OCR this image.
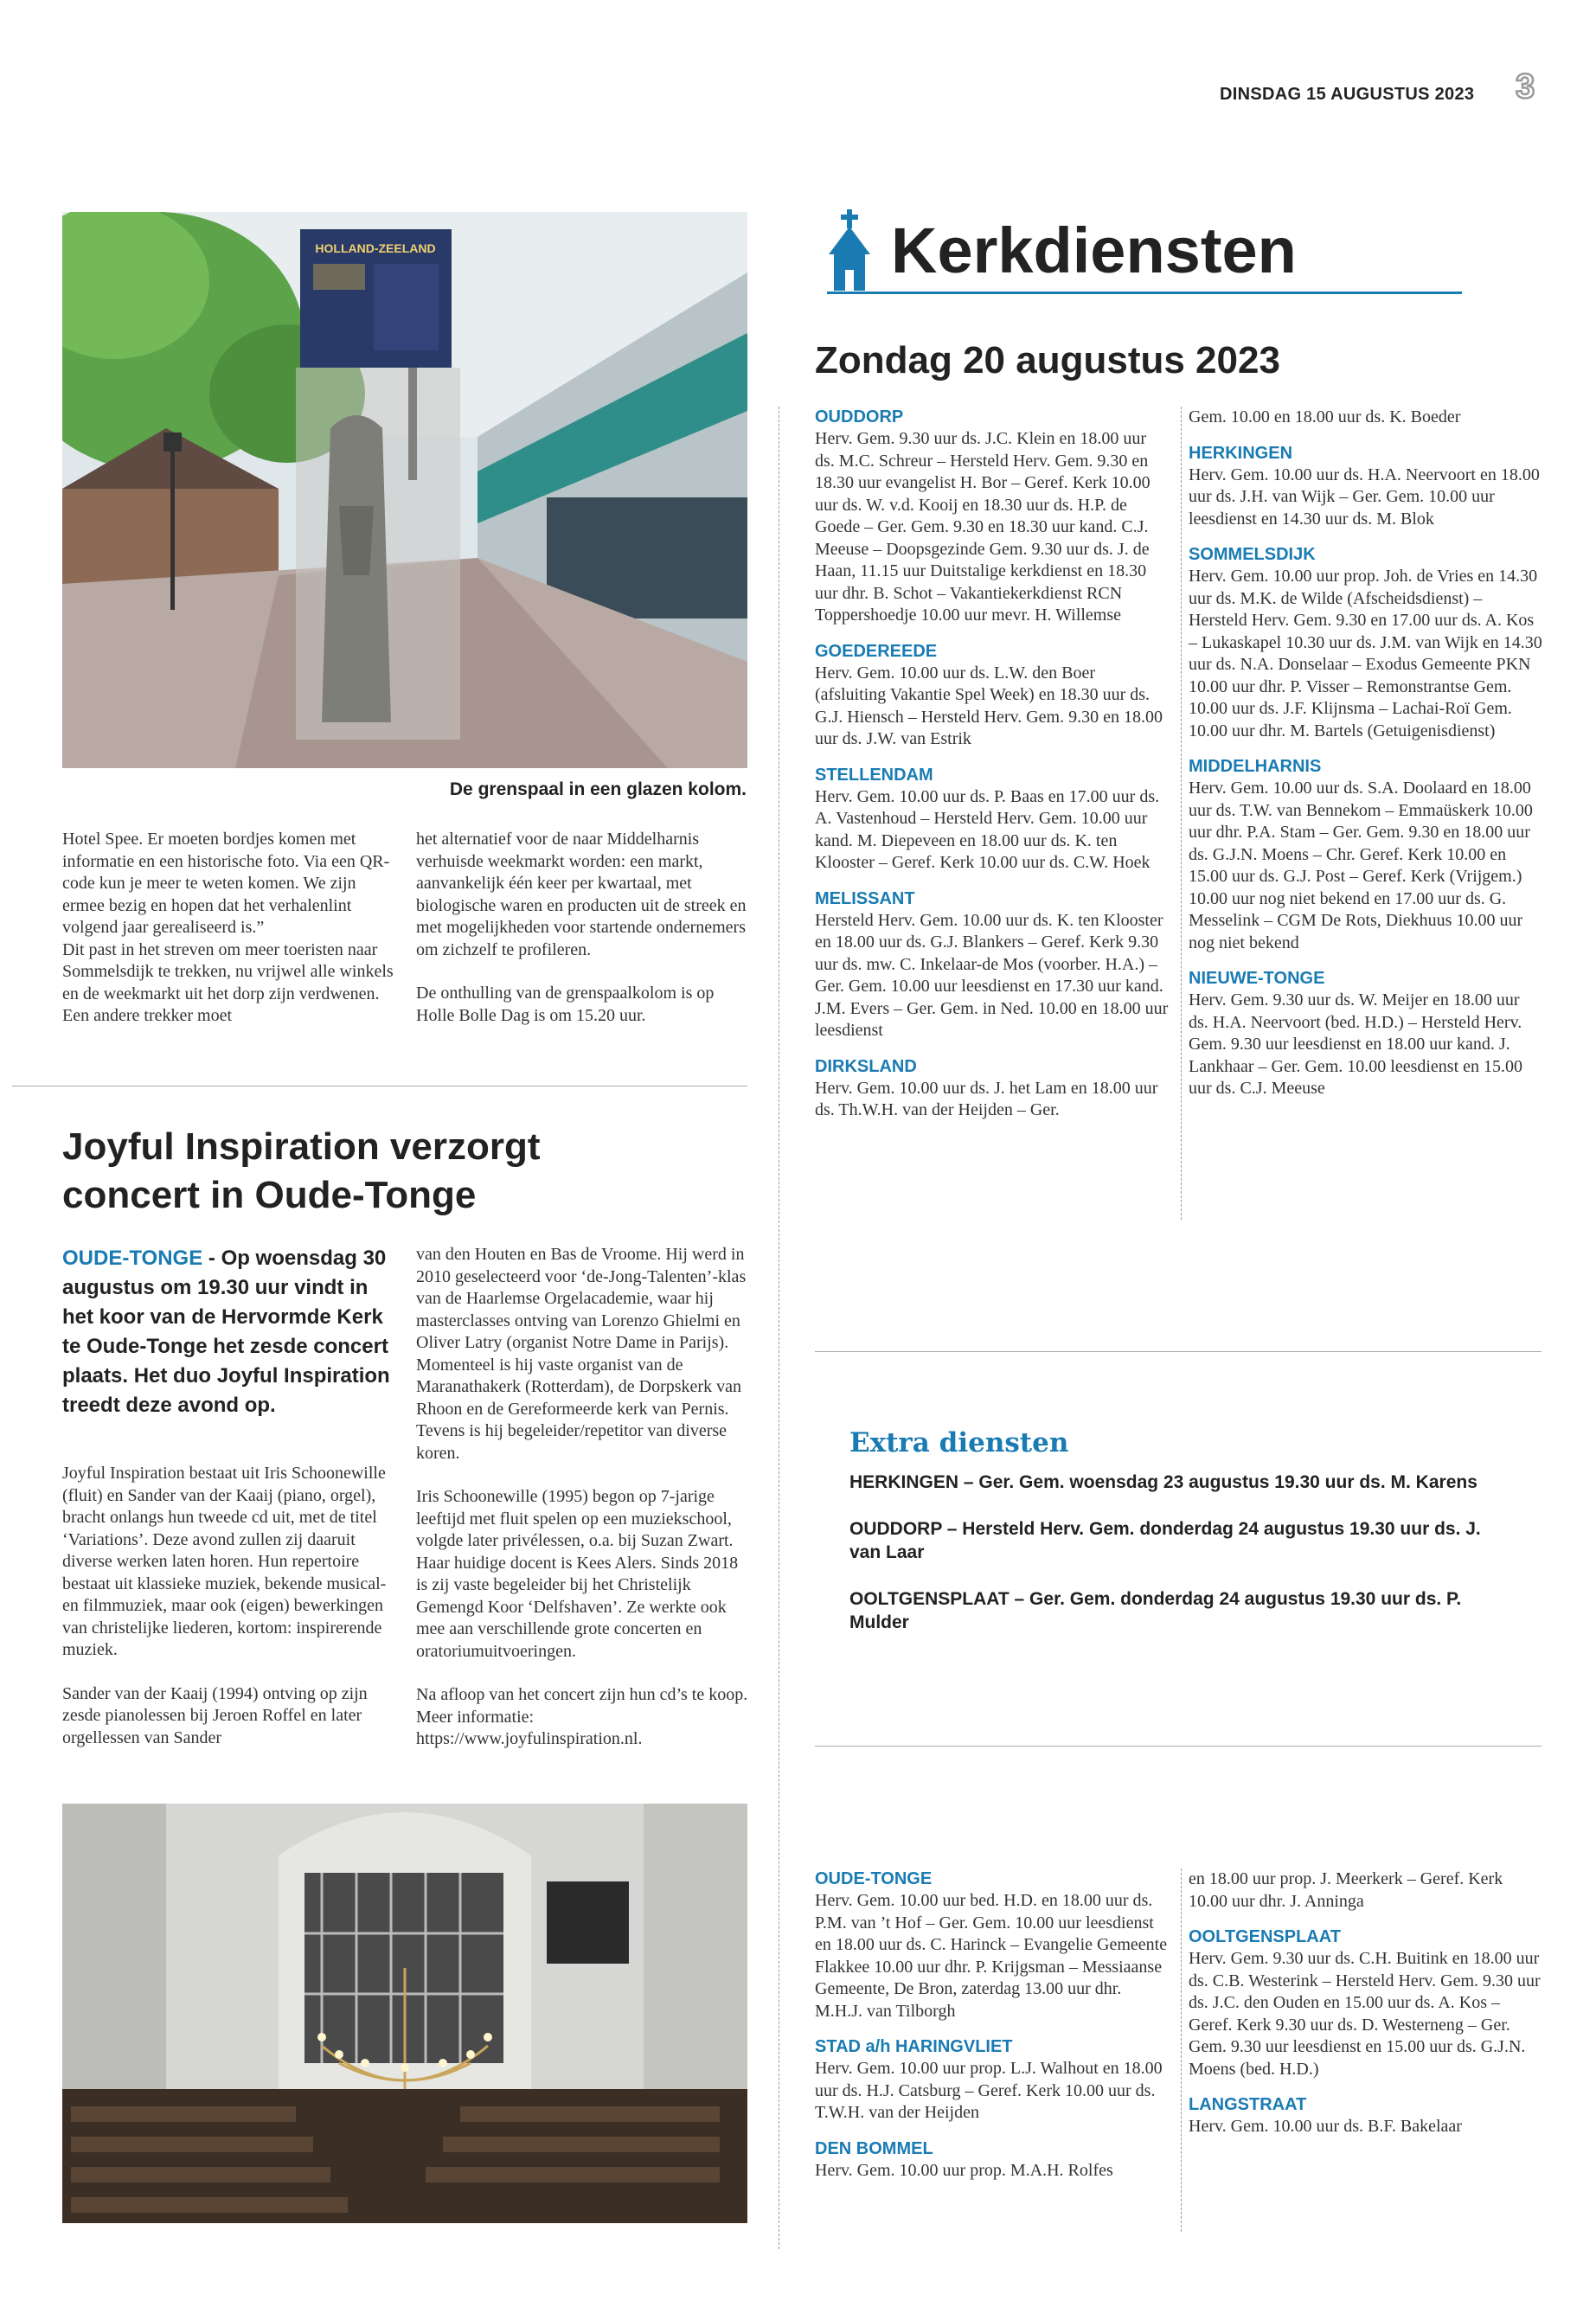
DINSDAG 15 AUGUSTUS 2023 3
HOLLAND-ZEELAND
De grenspaal in een glazen kolom.

Hotel Spee. Er moeten bordjes komen met informatie en een historische foto. Via een QR-code kun je meer te weten komen. We zijn ermee bezig en hopen dat het verhalenlint volgend jaar gerealiseerd is.”

Dit past in het streven om meer toeristen naar Sommelsdijk te trekken, nu vrijwel alle winkels en de weekmarkt uit het dorp zijn verdwenen. Een andere trekker moet

het alternatief voor de naar Middelharnis verhuisde weekmarkt worden: een markt, aanvankelijk één keer per kwartaal, met biologische waren en producten uit de streek en met mogelijkheden voor startende ondernemers om zichzelf te profileren.

De onthulling van de grenspaalkolom is op Holle Bolle Dag is om 15.20 uur.

Joyful Inspiration verzorgt concert in Oude-Tonge
OUDE-TONGE - Op woensdag 30 augustus om 19.30 uur vindt in het koor van de Hervormde Kerk te Oude-Tonge het zesde concert plaats. Het duo Joyful Inspiration treedt deze avond op.

Joyful Inspiration bestaat uit Iris Schoonewille (fluit) en Sander van der Kaaij (piano, orgel), bracht onlangs hun tweede cd uit, met de titel ‘Variations’. Deze avond zullen zij daaruit diverse werken laten horen. Hun repertoire bestaat uit klassieke muziek, bekende musical- en filmmuziek, maar ook (eigen) bewerkingen van christelijke liederen, kortom: inspirerende muziek.

Sander van der Kaaij (1994) ontving op zijn zesde pianolessen bij Jeroen Roffel en later orgellessen van Sander

van den Houten en Bas de Vroome. Hij werd in 2010 geselecteerd voor ‘de-Jong-Talenten’-klas van de Haarlemse Orgelacademie, waar hij masterclasses ontving van Lorenzo Ghielmi en Oliver Latry (organist Notre Dame in Parijs). Momenteel is hij vaste organist van de Maranathakerk (Rotterdam), de Dorpskerk van Rhoon en de Gereformeerde kerk van Pernis. Tevens is hij begeleider/repetitor van diverse koren.

Iris Schoonewille (1995) begon op 7-jarige leeftijd met fluit spelen op een muziekschool, volgde later privélessen, o.a. bij Suzan Zwart. Haar huidige docent is Kees Alers. Sinds 2018 is zij vaste begeleider bij het Christelijk Gemengd Koor ‘Delfshaven’. Ze werkte ook mee aan verschillende grote concerten en oratoriumuitvoeringen.

Na afloop van het concert zijn hun cd’s te koop. Meer informatie: https://www.joyfulinspiration.nl.

Kerkdiensten
Zondag 20 augustus 2023
OUDDORP
Herv. Gem. 9.30 uur ds. J.C. Klein en 18.00 uur ds. M.C. Schreur – Hersteld Herv. Gem. 9.30 en 18.30 uur evangelist H. Bor – Geref. Kerk 10.00 uur ds. W. v.d. Kooij en 18.30 uur ds. H.P. de Goede – Ger. Gem. 9.30 en 18.30 uur kand. C.J. Meeuse – Doopsgezinde Gem. 9.30 uur ds. J. de Haan, 11.15 uur Duitstalige kerkdienst en 18.30 uur dhr. B. Schot – Vakantiekerkdienst RCN Toppershoedje 10.00 uur mevr. H. Willemse
GOEDEREEDE
Herv. Gem. 10.00 uur ds. L.W. den Boer (afsluiting Vakantie Spel Week) en 18.30 uur ds. G.J. Hiensch – Hersteld Herv. Gem. 9.30 en 18.00 uur ds. J.W. van Estrik
STELLENDAM
Herv. Gem. 10.00 uur ds. P. Baas en 17.00 uur ds. A. Vastenhoud – Hersteld Herv. Gem. 10.00 uur kand. M. Diepeveen en 18.00 uur ds. K. ten Klooster – Geref. Kerk 10.00 uur ds. C.W. Hoek
MELISSANT
Hersteld Herv. Gem. 10.00 uur ds. K. ten Klooster en 18.00 uur ds. G.J. Blankers – Geref. Kerk 9.30 uur ds. mw. C. Inkelaar-de Mos (voorber. H.A.) – Ger. Gem. 10.00 uur leesdienst en 17.30 uur kand. J.M. Evers – Ger. Gem. in Ned. 10.00 en 18.00 uur leesdienst
DIRKSLAND
Herv. Gem. 10.00 uur ds. J. het Lam en 18.00 uur ds. Th.W.H. van der Heijden – Ger.
Gem. 10.00 en 18.00 uur ds. K. Boeder
HERKINGEN
Herv. Gem. 10.00 uur ds. H.A. Neervoort en 18.00 uur ds. J.H. van Wijk – Ger. Gem. 10.00 uur leesdienst en 14.30 uur ds. M. Blok
SOMMELSDIJK
Herv. Gem. 10.00 uur prop. Joh. de Vries en 14.30 uur ds. M.K. de Wilde (Afscheidsdienst) – Hersteld Herv. Gem. 9.30 en 17.00 uur ds. A. Kos – Lukaskapel 10.30 uur ds. J.M. van Wijk en 14.30 uur ds. N.A. Donselaar – Exodus Gemeente PKN 10.00 uur dhr. P. Visser – Remonstrantse Gem. 10.00 uur ds. J.F. Klijnsma – Lachai-Roï Gem. 10.00 uur dhr. M. Bartels (Getuigenisdienst)
MIDDELHARNIS
Herv. Gem. 10.00 uur ds. S.A. Doolaard en 18.00 uur ds. T.W. van Bennekom – Emmaüskerk 10.00 uur dhr. P.A. Stam – Ger. Gem. 9.30 en 18.00 uur ds. G.J.N. Moens – Chr. Geref. Kerk 10.00 en 15.00 uur ds. G.J. Post – Geref. Kerk (Vrijgem.) 10.00 uur nog niet bekend en 17.00 uur ds. G. Messelink – CGM De Rots, Diekhuus 10.00 uur nog niet bekend
NIEUWE-TONGE
Herv. Gem. 9.30 uur ds. W. Meijer en 18.00 uur ds. H.A. Neervoort (bed. H.D.) – Hersteld Herv. Gem. 9.30 uur leesdienst en 18.00 uur kand. J. Lankhaar – Ger. Gem. 10.00 leesdienst en 15.00 uur ds. C.J. Meeuse
Extra diensten
HERKINGEN – Ger. Gem. woensdag 23 augustus 19.30 uur ds. M. Karens
OUDDORP – Hersteld Herv. Gem. donderdag 24 augustus 19.30 uur ds. J. van Laar
OOLTGENSPLAAT – Ger. Gem. donderdag 24 augustus 19.30 uur ds. P. Mulder
OUDE-TONGE
Herv. Gem. 10.00 uur bed. H.D. en 18.00 uur ds. P.M. van ’t Hof – Ger. Gem. 10.00 uur leesdienst en 18.00 uur ds. C. Harinck – Evangelie Gemeente Flakkee 10.00 uur dhr. P. Krijgsman – Messiaanse Gemeente, De Bron, zaterdag 13.00 uur dhr. M.H.J. van Tilborgh
STAD a/h HARINGVLIET
Herv. Gem. 10.00 uur prop. L.J. Walhout en 18.00 uur ds. H.J. Catsburg – Geref. Kerk 10.00 uur ds. T.W.H. van der Heijden
DEN BOMMEL
Herv. Gem. 10.00 uur prop. M.A.H. Rolfes
en 18.00 uur prop. J. Meerkerk – Geref. Kerk 10.00 uur dhr. J. Anninga
OOLTGENSPLAAT
Herv. Gem. 9.30 uur ds. C.H. Buitink en 18.00 uur ds. C.B. Westerink – Hersteld Herv. Gem. 9.30 uur ds. J.C. den Ouden en 15.00 uur ds. A. Kos – Geref. Kerk 9.30 uur ds. D. Westerneng – Ger. Gem. 9.30 uur leesdienst en 15.00 uur ds. G.J.N. Moens (bed. H.D.)
LANGSTRAAT
Herv. Gem. 10.00 uur ds. B.F. Bakelaar
